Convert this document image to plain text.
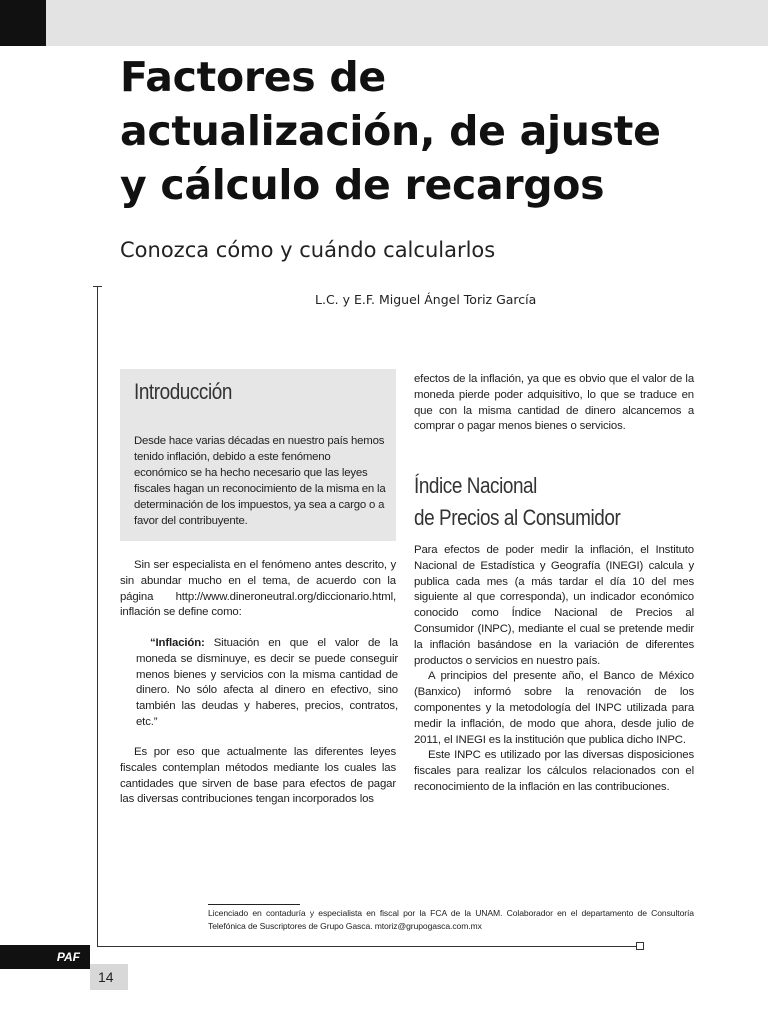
Factores de
actualización, de ajuste
y cálculo de recargos
Conozca cómo y cuándo calcularlos

L.C. y E.F. Miguel Ángel Toriz García

Introducción

Desde hace varias décadas en nuestro país hemos tenido inflación, debido a este fenómeno económico se ha hecho necesario que las leyes fiscales hagan un reconocimiento de la misma en la determinación de los impuestos, ya sea a cargo o a favor del contribuyente.

Sin ser especialista en el fenómeno antes descrito, y sin abundar mucho en el tema, de acuerdo con la página http://www.dineroneutral.org/diccionario.html, inflación se define como:

“Inflación: Situación en que el valor de la moneda se disminuye, es decir se puede conseguir menos bienes y servicios con la misma cantidad de dinero. No sólo afecta al dinero en efectivo, sino también las deudas y haberes, precios, contratos, etc.”

Es por eso que actualmente las diferentes leyes fiscales contemplan métodos mediante los cuales las cantidades que sirven de base para efectos de pagar las diversas contribuciones tengan incorporados los

efectos de la inflación, ya que es obvio que el valor de la moneda pierde poder adquisitivo, lo que se traduce en que con la misma cantidad de dinero alcancemos a comprar o pagar menos bienes o servicios.

Índice Nacional
de Precios al Consumidor

Para efectos de poder medir la inflación, el Instituto Nacional de Estadística y Geografía (INEGI) calcula y publica cada mes (a más tardar el día 10 del mes siguiente al que corresponda), un indicador económico conocido como Índice Nacional de Precios al Consumidor (INPC), mediante el cual se pretende medir la inflación basándose en la variación de diferentes productos o servicios en nuestro país.

A principios del presente año, el Banco de México (Banxico) informó sobre la renovación de los componentes y la metodología del INPC utilizada para medir la inflación, de modo que ahora, desde julio de 2011, el INEGI es la institución que publica dicho INPC.

Este INPC es utilizado por las diversas disposiciones fiscales para realizar los cálculos relacionados con el reconocimiento de la inflación en las contribuciones.

Licenciado en contaduría y especialista en fiscal por la FCA de la UNAM. Colaborador en el departamento de Consultoría Telefónica de Suscriptores de Grupo Gasca. mtoriz@grupogasca.com.mx

PAF
14
